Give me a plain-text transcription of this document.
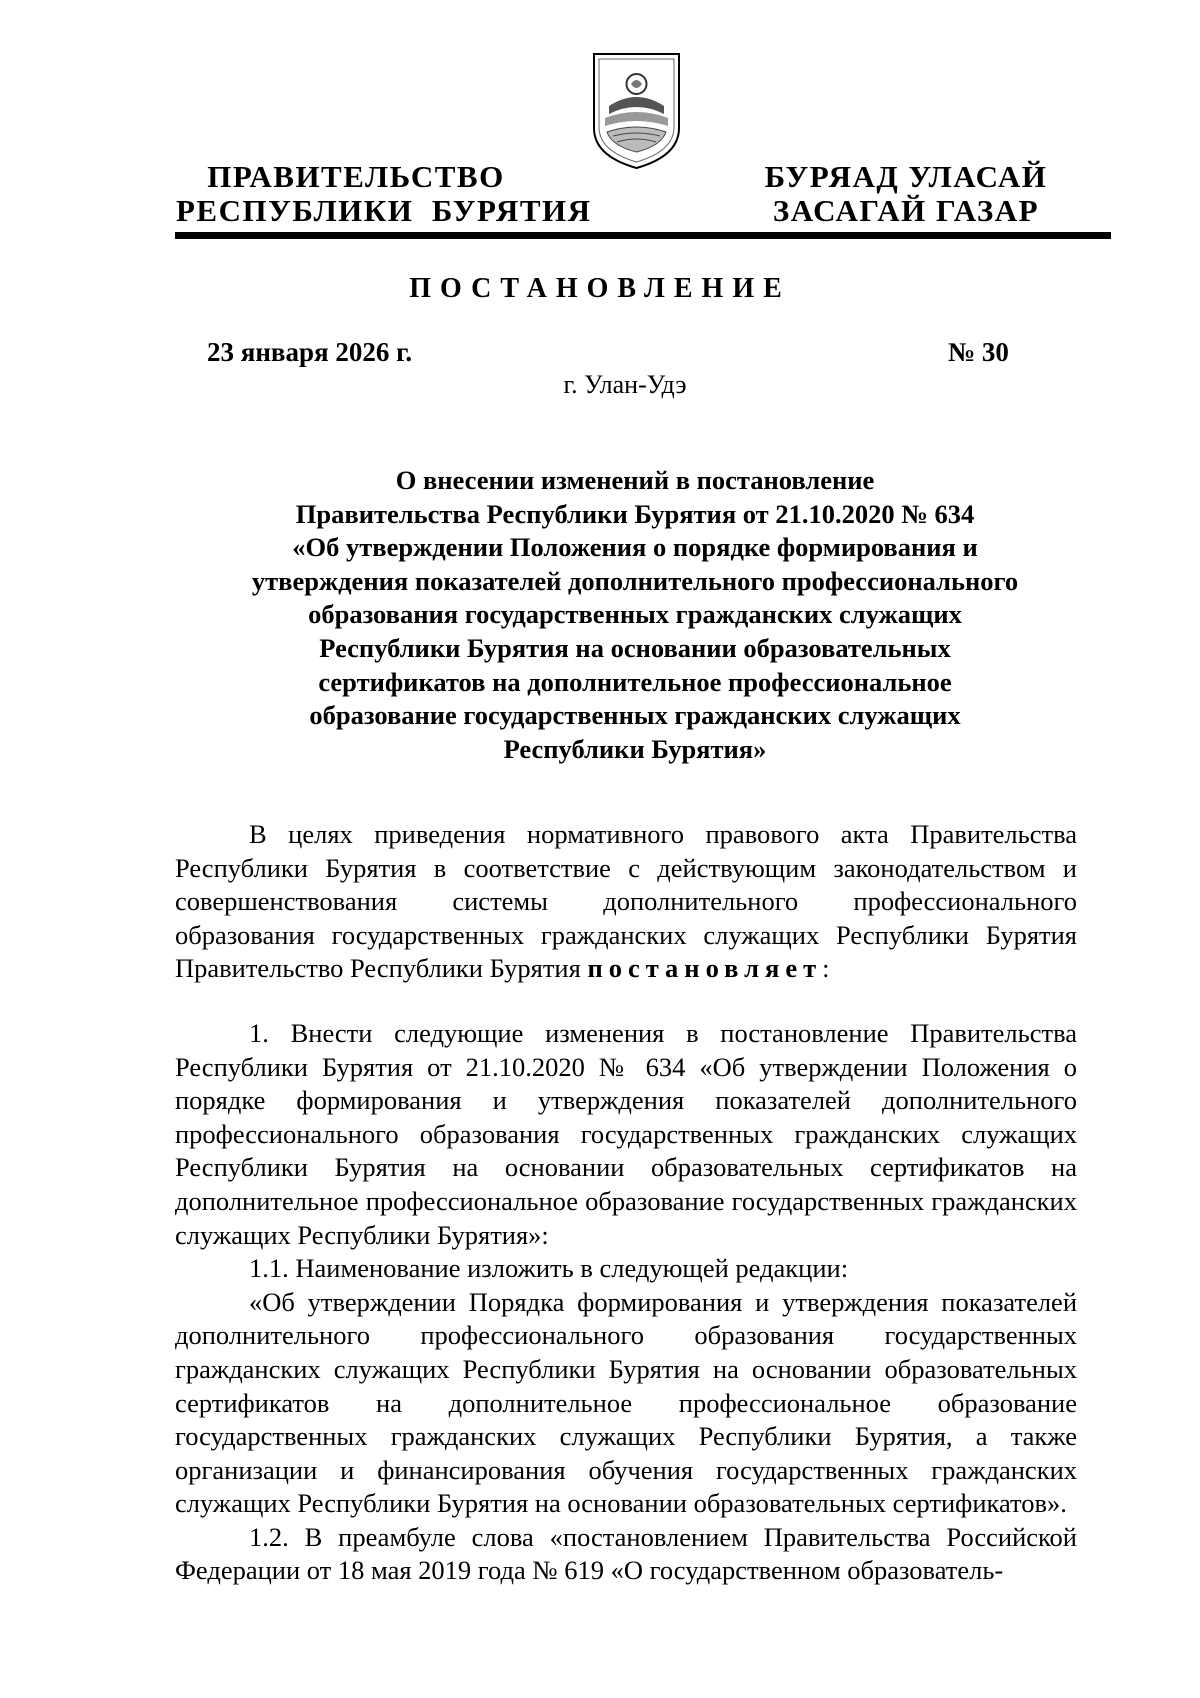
ПРАВИТЕЛЬСТВО
РЕСПУБЛИКИ  БУРЯТИЯ
БУРЯАД УЛАСАЙ
ЗАСАГАЙ ГАЗАР
ПОСТАНОВЛЕНИЕ
23 января 2026 г.	№ 30
г. Улан-Удэ
О внесении изменений в постановление
Правительства Республики Бурятия от 21.10.2020 № 634
«Об утверждении Положения о порядке формирования и
утверждения показателей дополнительного профессионального
образования государственных гражданских служащих
Республики Бурятия на основании образовательных
сертификатов на дополнительное профессиональное
образование государственных гражданских служащих
Республики Бурятия»

В целях приведения нормативного правового акта Правительства Республики Бурятия в соответствие с действующим законодательством и совершенствования системы дополнительного профессионального образования государственных гражданских служащих Республики Бурятия Правительство Республики Бурятия постановляет:

1. Внести следующие изменения в постановление Правительства Республики Бурятия от 21.10.2020 № 634 «Об утверждении Положения о порядке формирования и утверждения показателей дополнительного профессионального образования государственных гражданских служащих Республики Бурятия на основании образовательных сертификатов на дополнительное профессиональное образование государственных гражданских служащих Республики Бурятия»:

1.1. Наименование изложить в следующей редакции:

«Об утверждении Порядка формирования и утверждения показателей дополнительного профессионального образования государственных гражданских служащих Республики Бурятия на основании образовательных сертификатов на дополнительное профессиональное образование государственных гражданских служащих Республики Бурятия, а также организации и финансирования обучения государственных гражданских служащих Республики Бурятия на основании образовательных сертификатов».

1.2. В преамбуле слова «постановлением Правительства Российской Федерации от 18 мая 2019 года № 619 «О государственном образователь-
